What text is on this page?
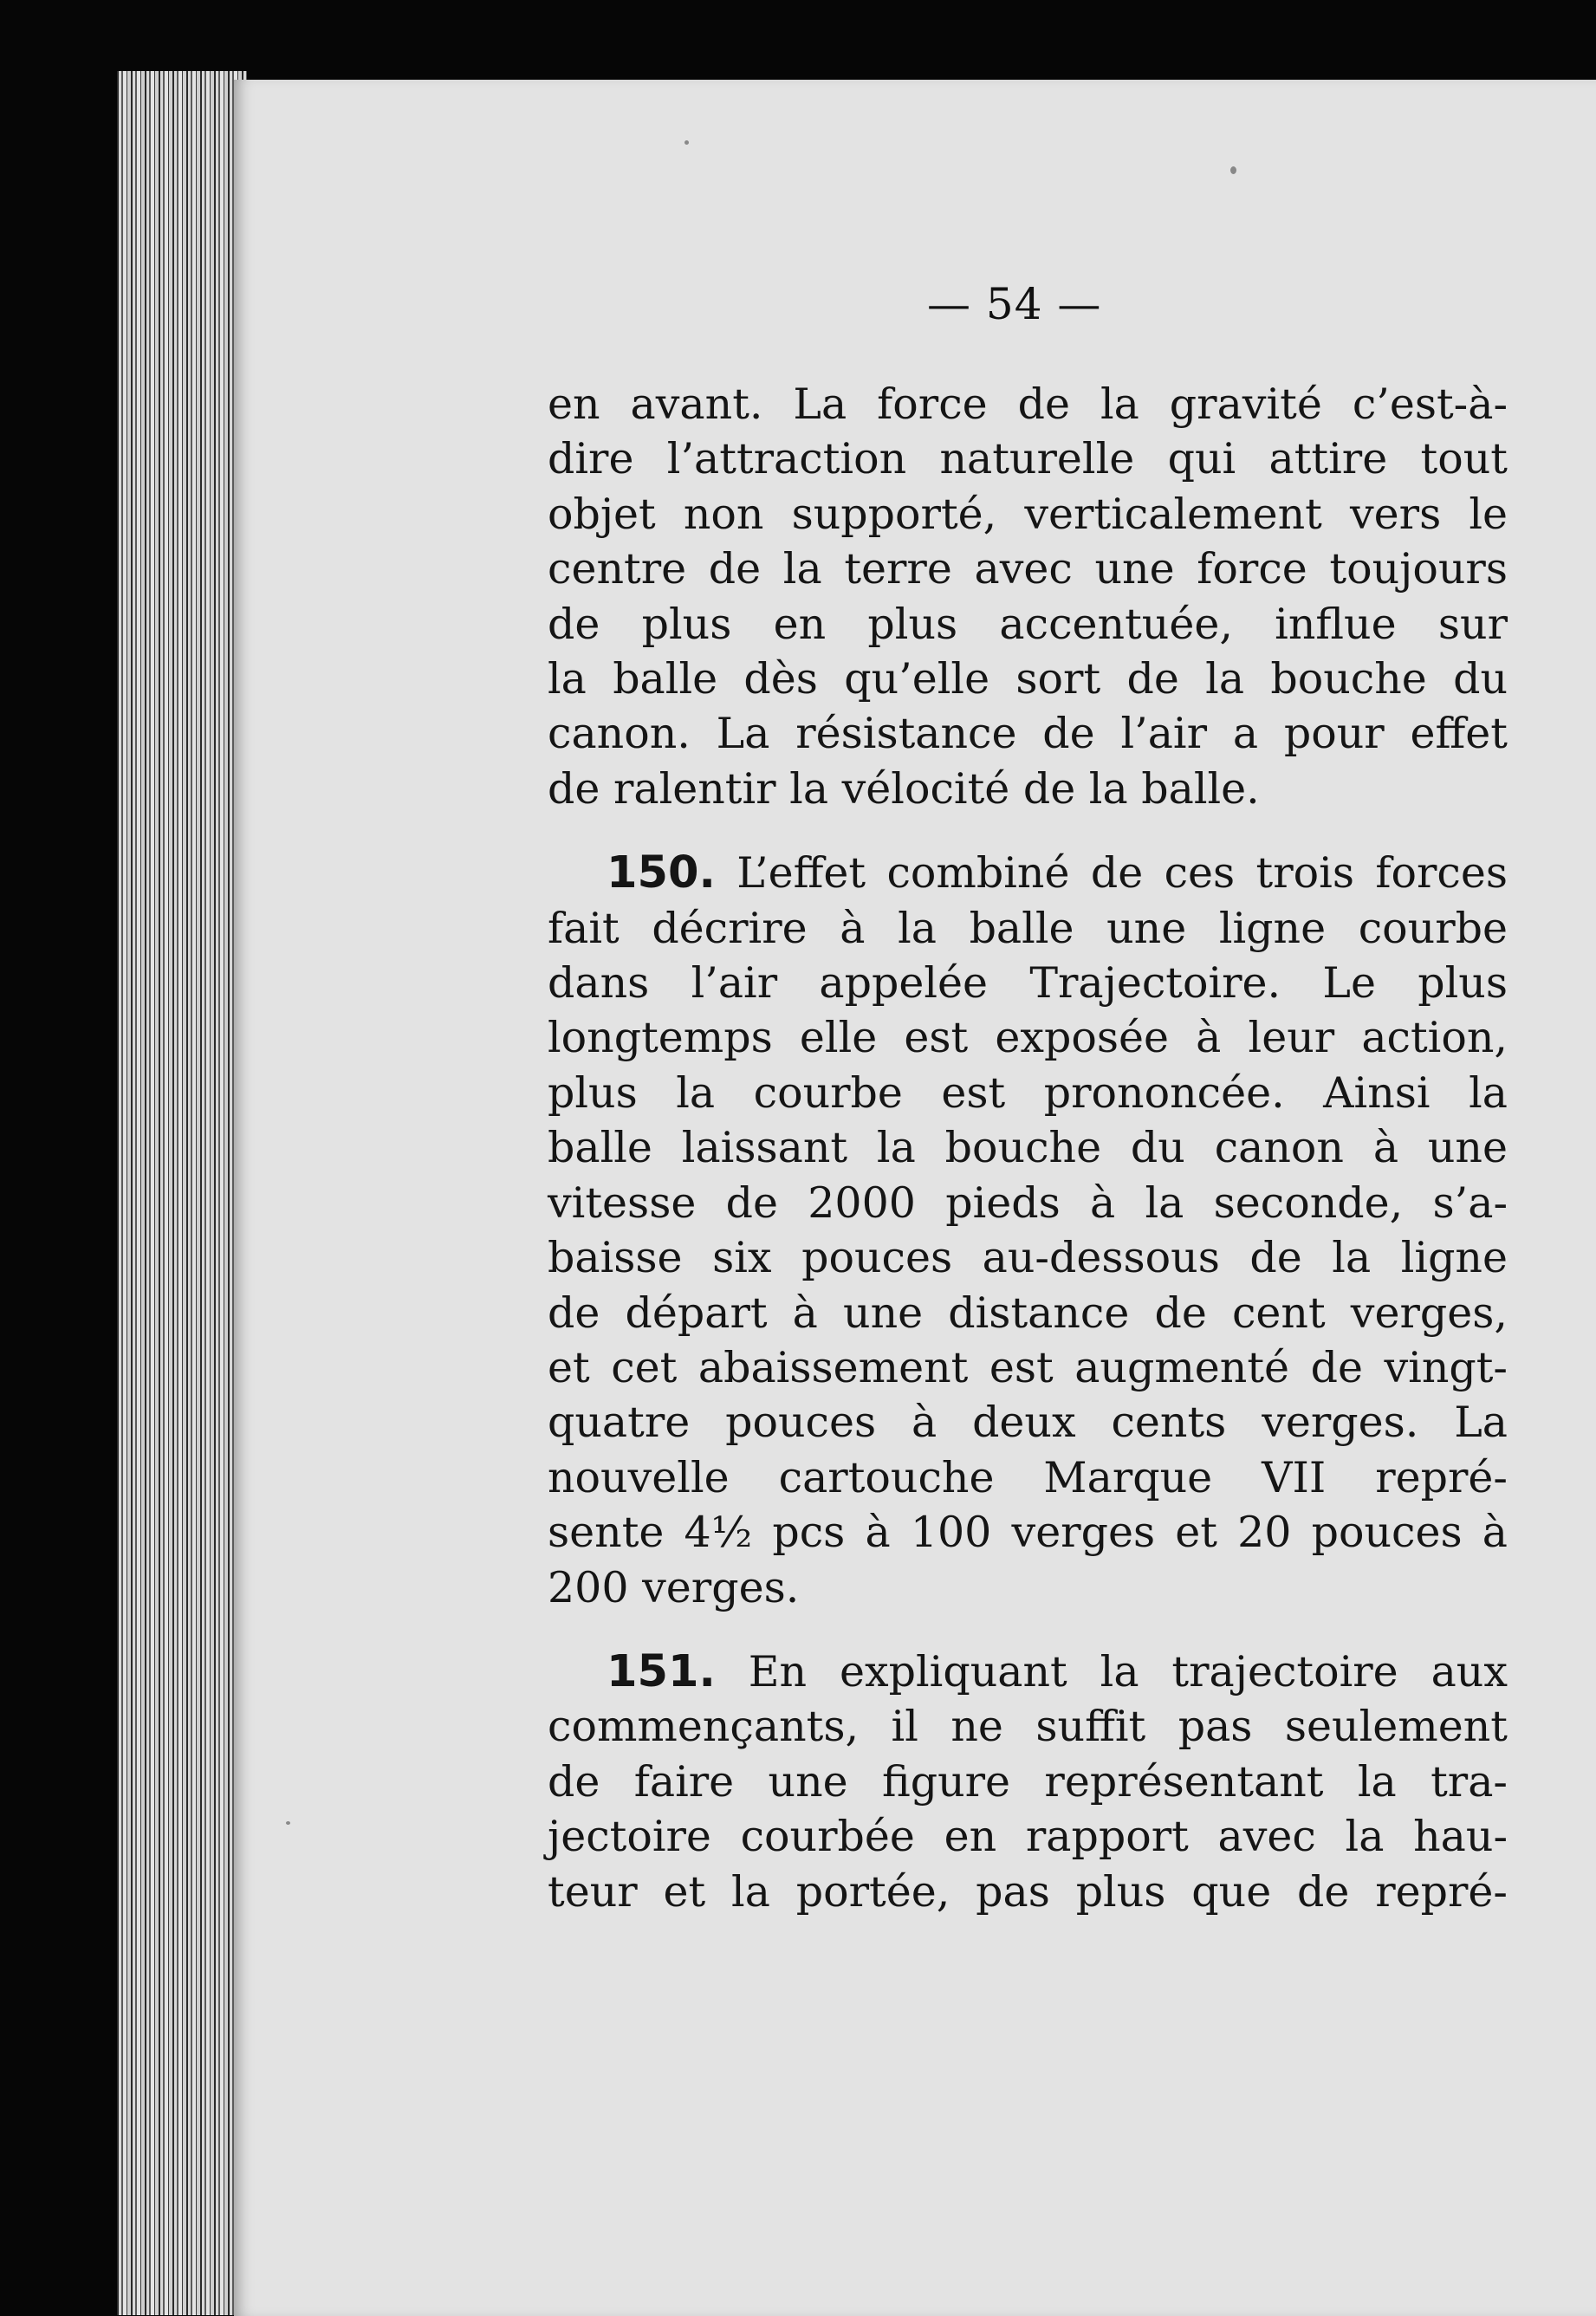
— 54 —
en avant. La force de la gravité c’est-à-
dire l’attraction naturelle qui attire tout
objet non supporté, verticalement vers le
centre de la terre avec une force toujours
de plus en plus accentuée, influe sur
la balle dès qu’elle sort de la bouche du
canon. La résistance de l’air a pour effet
de ralentir la vélocité de la balle.
150. L’effet combiné de ces trois forces
fait décrire à la balle une ligne courbe
dans l’air appelée Trajectoire. Le plus
longtemps elle est exposée à leur action,
plus la courbe est prononcée. Ainsi la
balle laissant la bouche du canon à une
vitesse de 2000 pieds à la seconde, s’a-
baisse six pouces au-dessous de la ligne
de départ à une distance de cent verges,
et cet abaissement est augmenté de vingt-
quatre pouces à deux cents verges. La
nouvelle cartouche Marque VII repré-
sente 4½ pcs à 100 verges et 20 pouces à
200 verges.
151. En expliquant la trajectoire aux
commençants, il ne suffit pas seulement
de faire une figure représentant la tra-
jectoire courbée en rapport avec la hau-
teur et la portée, pas plus que de repré-
